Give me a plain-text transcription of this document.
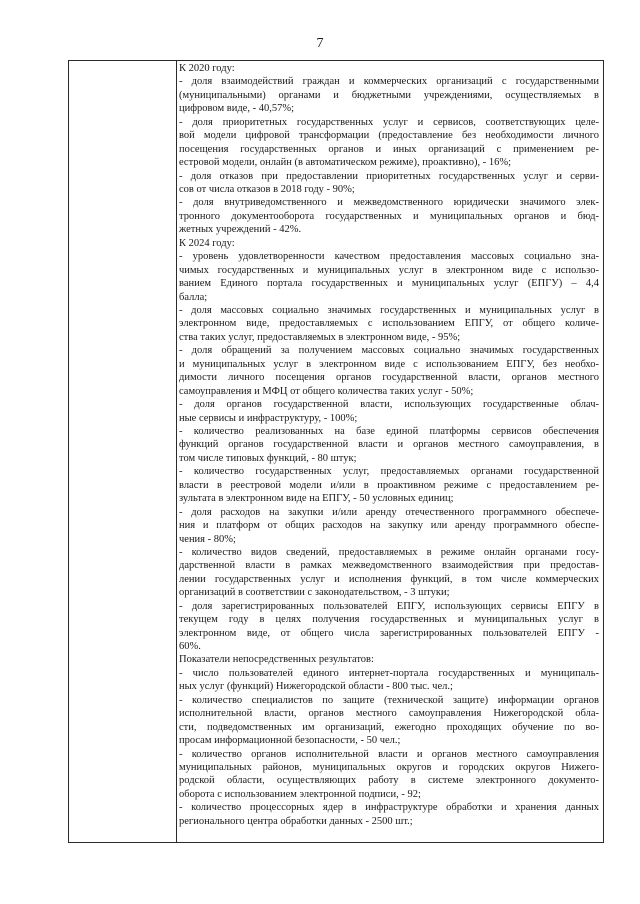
7
К 2020 году:
- доля взаимодействий граждан и коммерческих организаций с государственными
(муниципальными) органами и бюджетными учреждениями, осуществляемых в
цифровом виде, - 40,57%;
- доля приоритетных государственных услуг и сервисов, соответствующих целе-
вой модели цифровой трансформации (предоставление без необходимости личного
посещения государственных органов и иных организаций с применением ре-
естровой модели, онлайн (в автоматическом режиме), проактивно), - 16%;
- доля отказов при предоставлении приоритетных государственных услуг и серви-
сов от числа отказов в 2018 году - 90%;
- доля внутриведомственного и межведомственного юридически значимого элек-
тронного документооборота государственных и муниципальных органов и бюд-
жетных учреждений - 42%.
К 2024 году:
- уровень удовлетворенности качеством предоставления массовых социально зна-
чимых государственных и муниципальных услуг в электронном виде с использо-
ванием Единого портала государственных и муниципальных услуг (ЕПГУ) – 4,4
балла;
- доля массовых социально значимых государственных и муниципальных услуг в
электронном виде, предоставляемых с использованием ЕПГУ, от общего количе-
ства таких услуг, предоставляемых в электронном виде, - 95%;
- доля обращений за получением массовых социально значимых государственных
и муниципальных услуг в электронном виде с использованием ЕПГУ, без необхо-
димости личного посещения органов государственной власти, органов местного
самоуправления и МФЦ от общего количества таких услуг - 50%;
- доля органов государственной власти, использующих государственные облач-
ные сервисы и инфраструктуру, - 100%;
- количество реализованных на базе единой платформы сервисов обеспечения
функций органов государственной власти и органов местного самоуправления, в
том числе типовых функций, - 80 штук;
- количество государственных услуг, предоставляемых органами государственной
власти в реестровой модели и/или в проактивном режиме с предоставлением ре-
зультата в электронном виде на ЕПГУ, - 50 условных единиц;
- доля расходов на закупки и/или аренду отечественного программного обеспече-
ния и платформ от общих расходов на закупку или аренду программного обеспе-
чения - 80%;
- количество видов сведений, предоставляемых в режиме онлайн органами госу-
дарственной власти в рамках межведомственного взаимодействия при предостав-
лении государственных услуг и исполнения функций, в том числе коммерческих
организаций в соответствии с законодательством, - 3 штуки;
- доля зарегистрированных пользователей ЕПГУ, использующих сервисы ЕПГУ в
текущем году в целях получения государственных и муниципальных услуг в
электронном виде, от общего числа зарегистрированных пользователей ЕПГУ -
60%.
Показатели непосредственных результатов:
- число пользователей единого интернет-портала государственных и муниципаль-
ных услуг (функций) Нижегородской области - 800 тыс. чел.;
- количество специалистов по защите (технической защите) информации органов
исполнительной власти, органов местного самоуправления Нижегородской обла-
сти, подведомственных им организаций, ежегодно проходящих обучение по во-
просам информационной безопасности, - 50 чел.;
- количество органов исполнительной власти и органов местного самоуправления
муниципальных районов, муниципальных округов и городских округов Нижего-
родской области, осуществляющих работу в системе электронного документо-
оборота с использованием электронной подписи, - 92;
- количество процессорных ядер в инфраструктуре обработки и хранения данных
регионального центра обработки данных - 2500 шт.;
